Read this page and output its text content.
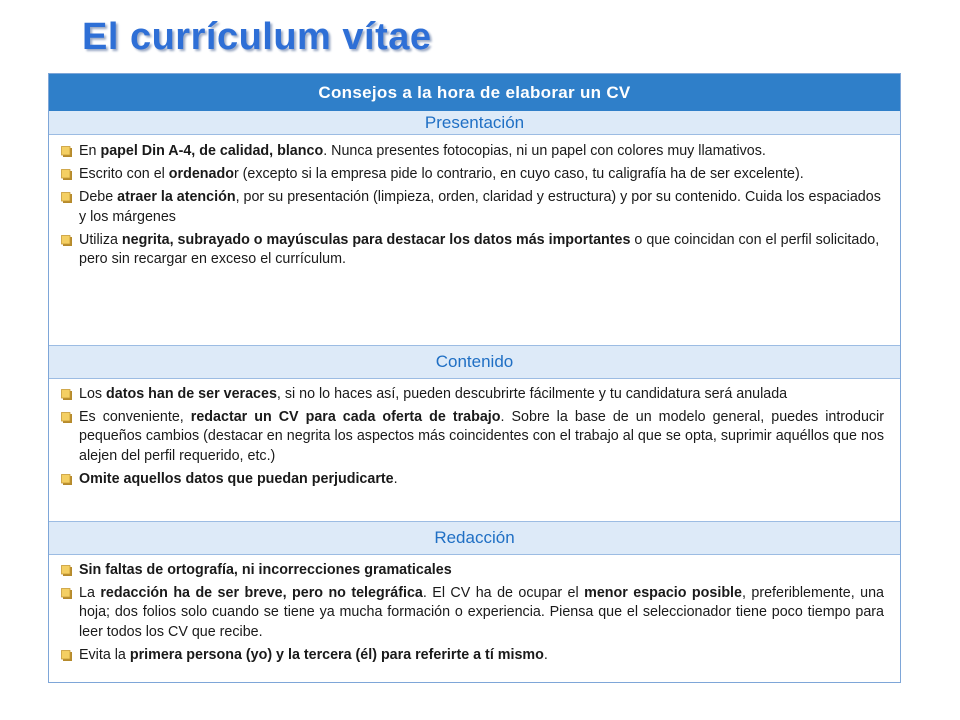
El currículum vítae
Consejos a la hora de elaborar un CV
Presentación
En papel Din A-4, de calidad, blanco. Nunca presentes fotocopias, ni un papel con colores muy llamativos.
Escrito con el ordenador (excepto si la empresa pide lo contrario, en cuyo caso, tu caligrafía ha de ser excelente).
Debe atraer la atención, por su presentación (limpieza, orden, claridad y estructura) y por su contenido. Cuida los espaciados y los márgenes
Utiliza negrita, subrayado o mayúsculas para destacar los datos más importantes o que coincidan con el perfil solicitado, pero sin recargar en exceso el currículum.
Contenido
Los datos han de ser veraces, si no lo haces así, pueden descubrirte fácilmente y tu candidatura será anulada
Es conveniente, redactar un CV para cada oferta de trabajo. Sobre la base de un modelo general, puedes introducir pequeños cambios (destacar en negrita los aspectos más coincidentes con el trabajo al que se opta, suprimir aquéllos que nos alejen del perfil requerido, etc.)
Omite aquellos datos que puedan perjudicarte.
Redacción
Sin faltas de ortografía, ni incorrecciones gramaticales
La redacción ha de ser breve, pero no telegráfica. El CV ha de ocupar el menor espacio posible, preferiblemente, una hoja; dos folios solo cuando se tiene ya mucha formación o experiencia. Piensa que el seleccionador tiene poco tiempo para leer todos los CV que recibe.
Evita la primera persona (yo) y la tercera (él) para referirte a tí mismo.
